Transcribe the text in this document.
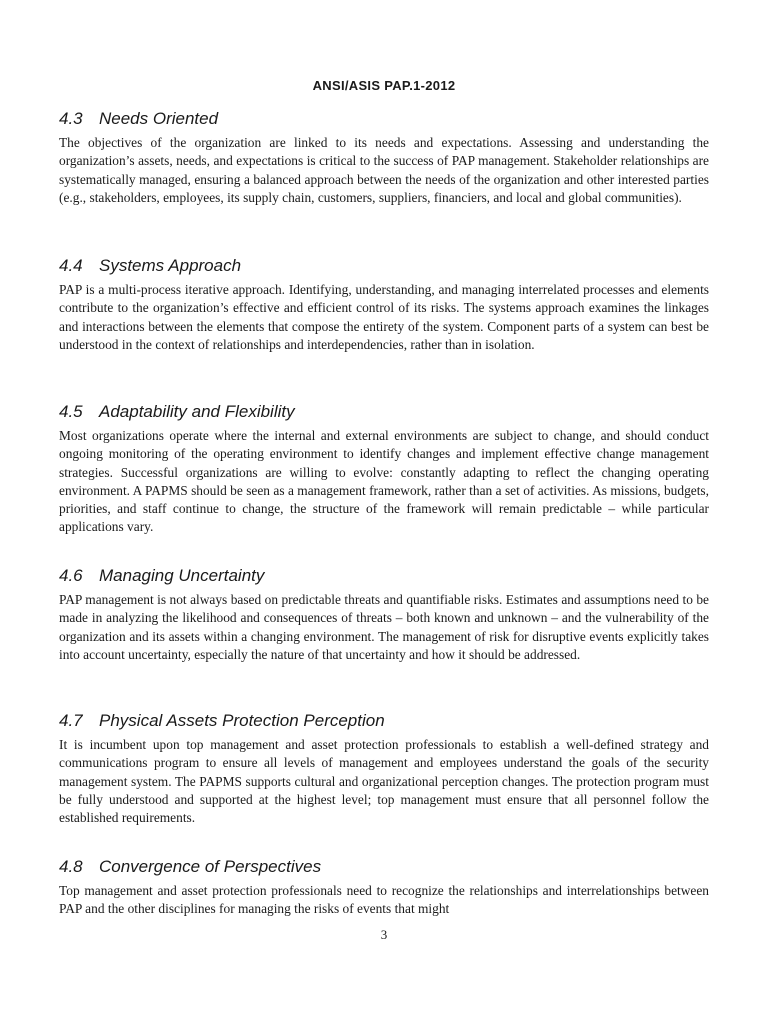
ANSI/ASIS PAP.1-2012
4.3 Needs Oriented

The objectives of the organization are linked to its needs and expectations. Assessing and understanding the organization’s assets, needs, and expectations is critical to the success of PAP management. Stakeholder relationships are systematically managed, ensuring a balanced approach between the needs of the organization and other interested parties (e.g., stakeholders, employees, its supply chain, customers, suppliers, financiers, and local and global communities).

4.4 Systems Approach

PAP is a multi-process iterative approach. Identifying, understanding, and managing interrelated processes and elements contribute to the organization’s effective and efficient control of its risks. The systems approach examines the linkages and interactions between the elements that compose the entirety of the system. Component parts of a system can best be understood in the context of relationships and interdependencies, rather than in isolation.

4.5 Adaptability and Flexibility

Most organizations operate where the internal and external environments are subject to change, and should conduct ongoing monitoring of the operating environment to identify changes and implement effective change management strategies. Successful organizations are willing to evolve: constantly adapting to reflect the changing operating environment. A PAPMS should be seen as a management framework, rather than a set of activities. As missions, budgets, priorities, and staff continue to change, the structure of the framework will remain predictable – while particular applications vary.

4.6 Managing Uncertainty

PAP management is not always based on predictable threats and quantifiable risks. Estimates and assumptions need to be made in analyzing the likelihood and consequences of threats – both known and unknown – and the vulnerability of the organization and its assets within a changing environment. The management of risk for disruptive events explicitly takes into account uncertainty, especially the nature of that uncertainty and how it should be addressed.

4.7 Physical Assets Protection Perception

It is incumbent upon top management and asset protection professionals to establish a well-defined strategy and communications program to ensure all levels of management and employees understand the goals of the security management system. The PAPMS supports cultural and organizational perception changes. The protection program must be fully understood and supported at the highest level; top management must ensure that all personnel follow the established requirements.

4.8 Convergence of Perspectives

Top management and asset protection professionals need to recognize the relationships and interrelationships between PAP and the other disciplines for managing the risks of events that might

3
